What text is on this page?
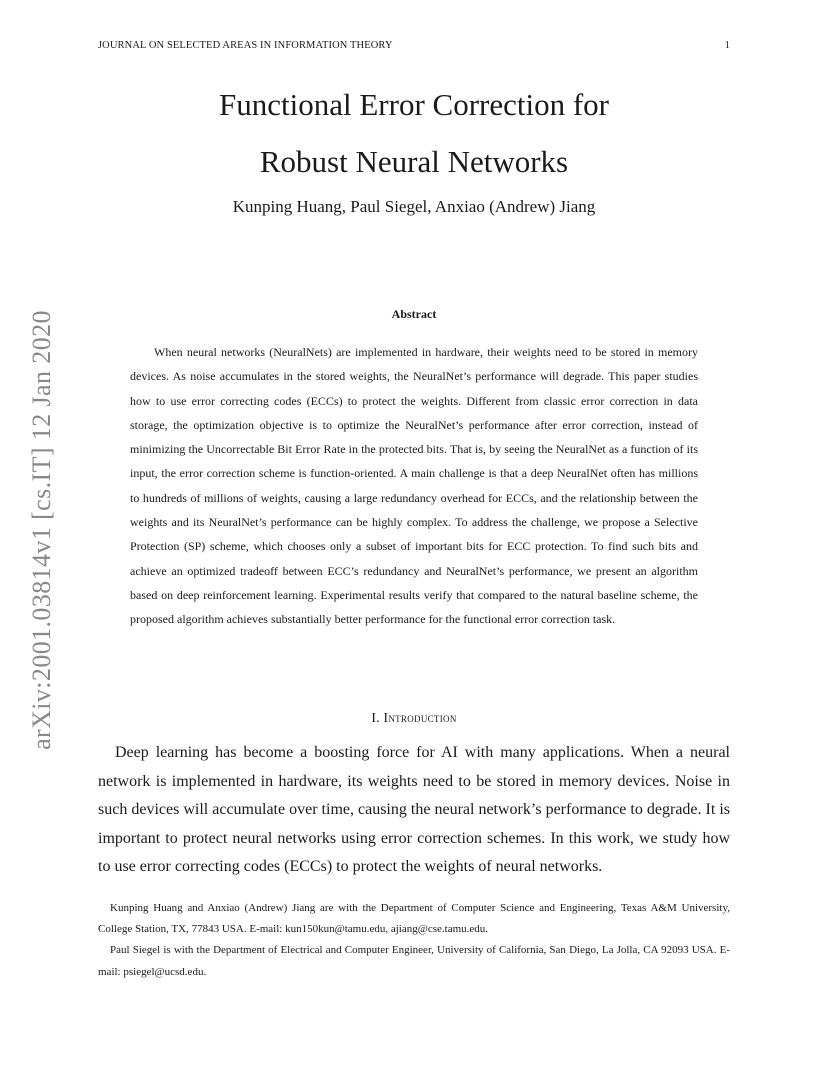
JOURNAL ON SELECTED AREAS IN INFORMATION THEORY	1
Functional Error Correction for
Robust Neural Networks
Kunping Huang, Paul Siegel, Anxiao (Andrew) Jiang
arXiv:2001.03814v1 [cs.IT] 12 Jan 2020	Abstract

When neural networks (NeuralNets) are implemented in hardware, their weights need to be stored in memory devices. As noise accumulates in the stored weights, the NeuralNet’s performance will degrade. This paper studies how to use error correcting codes (ECCs) to protect the weights. Different from classic error correction in data storage, the optimization objective is to optimize the NeuralNet’s performance after error correction, instead of minimizing the Uncorrectable Bit Error Rate in the protected bits. That is, by seeing the NeuralNet as a function of its input, the error correction scheme is function-oriented. A main challenge is that a deep NeuralNet often has millions to hundreds of millions of weights, causing a large redundancy overhead for ECCs, and the relationship between the weights and its NeuralNet’s performance can be highly complex. To address the challenge, we propose a Selective Protection (SP) scheme, which chooses only a subset of important bits for ECC protection. To find such bits and achieve an optimized tradeoff between ECC’s redundancy and NeuralNet’s performance, we present an algorithm based on deep reinforcement learning. Experimental results verify that compared to the natural baseline scheme, the proposed algorithm achieves substantially better performance for the functional error correction task.

I. Introduction

Deep learning has become a boosting force for AI with many applications. When a neural network is implemented in hardware, its weights need to be stored in memory devices. Noise in such devices will accumulate over time, causing the neural network’s performance to degrade. It is important to protect neural networks using error correction schemes. In this work, we study how to use error correcting codes (ECCs) to protect the weights of neural networks.

Kunping Huang and Anxiao (Andrew) Jiang are with the Department of Computer Science and Engineering, Texas A&M University, College Station, TX, 77843 USA. E-mail: kun150kun@tamu.edu, ajiang@cse.tamu.edu.

Paul Siegel is with the Department of Electrical and Computer Engineer, University of California, San Diego, La Jolla, CA 92093 USA. E-mail: psiegel@ucsd.edu.
